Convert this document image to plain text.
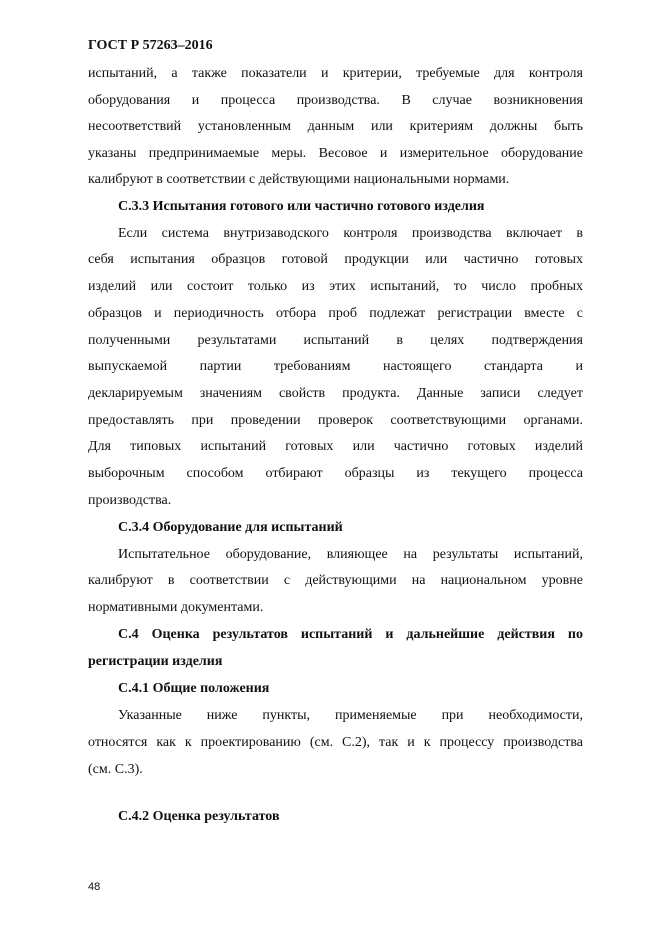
ГОСТ Р 57263–2016
испытаний, а также показатели и критерии, требуемые для контроля
оборудования и процесса производства. В случае возникновения
несоответствий установленным данным или критериям должны быть
указаны предпринимаемые меры. Весовое и измерительное оборудование
калибруют в соответствии с действующими национальными нормами.
С.3.3 Испытания готового или частично готового изделия
Если система внутризаводского контроля производства включает в
себя испытания образцов готовой продукции или частично готовых
изделий или состоит только из этих испытаний, то число пробных
образцов и периодичность отбора проб подлежат регистрации вместе с
полученными результатами испытаний в целях подтверждения
выпускаемой партии требованиям настоящего стандарта и
декларируемым значениям свойств продукта. Данные записи следует
предоставлять при проведении проверок соответствующими органами.
Для типовых испытаний готовых или частично готовых изделий
выборочным способом отбирают образцы из текущего процесса
производства.
С.3.4 Оборудование для испытаний
Испытательное оборудование, влияющее на результаты испытаний,
калибруют в соответствии с действующими на национальном уровне
нормативными документами.
С.4 Оценка результатов испытаний и дальнейшие действия по
регистрации изделия
С.4.1 Общие положения
Указанные ниже пункты, применяемые при необходимости,
относятся как к проектированию (см. С.2), так и к процессу производства
(см. С.3).
С.4.2 Оценка результатов
48
